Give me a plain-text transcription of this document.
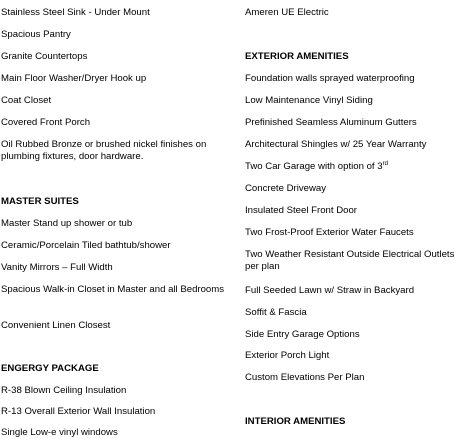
Stainless Steel Sink - Under Mount
Spacious Pantry
Granite Countertops
Main Floor Washer/Dryer Hook up
Coat Closet
Covered Front Porch
Oil Rubbed Bronze or brushed nickel finishes on plumbing fixtures, door hardware.
MASTER SUITES
Master Stand up shower or tub
Ceramic/Porcelain Tiled bathtub/shower
Vanity Mirrors – Full Width
Spacious Walk-in Closet in Master and all Bedrooms
Convenient Linen Closest
ENGERGY PACKAGE
R-38 Blown Ceiling Insulation
R-13 Overall Exterior Wall Insulation
Single Low-e vinyl windows
Ameren UE Electric
EXTERIOR AMENITIES
Foundation walls sprayed waterproofing
Low Maintenance Vinyl Siding
Prefinished Seamless Aluminum Gutters
Architectural Shingles w/ 25 Year Warranty
Two Car Garage with option of 3rd
Concrete Driveway
Insulated Steel Front Door
Two Frost-Proof Exterior Water Faucets
Two Weather Resistant Outside Electrical Outlets per plan
Full Seeded Lawn w/ Straw in Backyard
Soffit & Fascia
Side Entry Garage Options
Exterior Porch Light
Custom Elevations Per Plan
INTERIOR AMENITIES
